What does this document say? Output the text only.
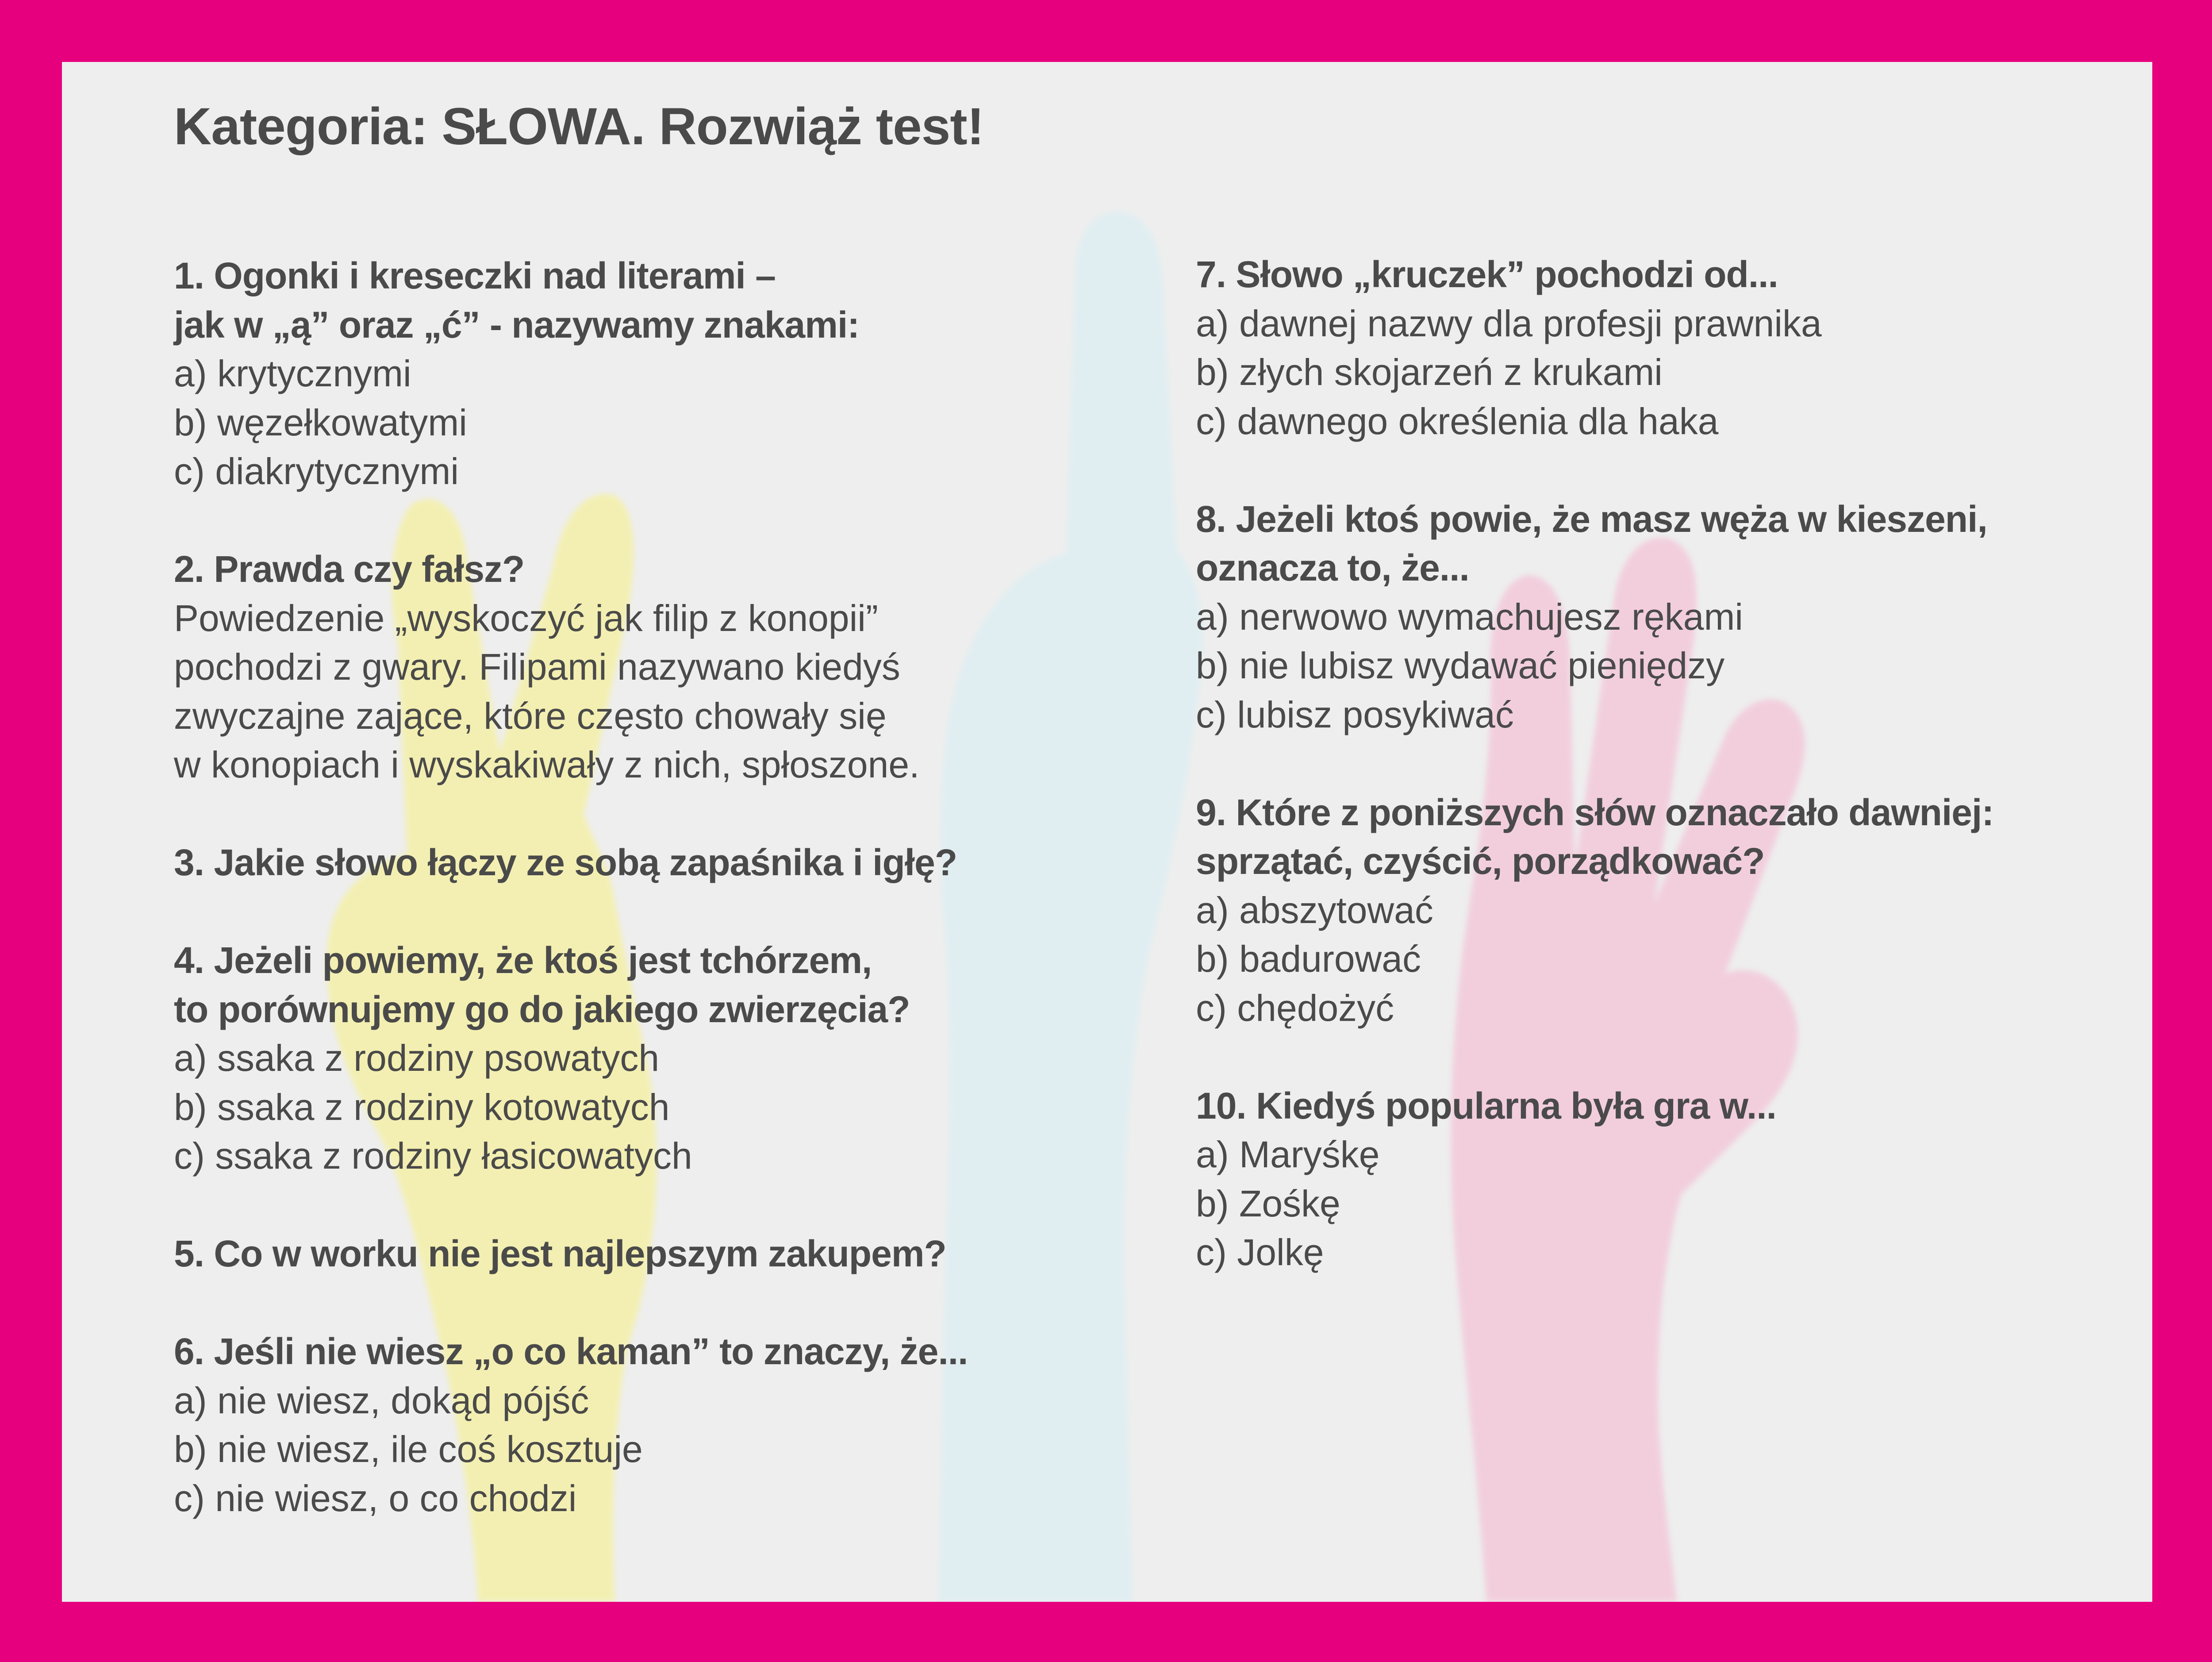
Kategoria: SŁOWA. Rozwiąż test!
1. Ogonki i kreseczki nad literami –
jak w „ą” oraz „ć” - nazywamy znakami:
a) krytycznymi
b) węzełkowatymi
c) diakrytycznymi
2. Prawda czy fałsz?
Powiedzenie „wyskoczyć jak filip z konopii”
pochodzi z gwary. Filipami nazywano kiedyś
zwyczajne zające, które często chowały się
w konopiach i wyskakiwały z nich, spłoszone.
3. Jakie słowo łączy ze sobą zapaśnika i igłę?
4. Jeżeli powiemy, że ktoś jest tchórzem,
to porównujemy go do jakiego zwierzęcia?
a) ssaka z rodziny psowatych
b) ssaka z rodziny kotowatych
c) ssaka z rodziny łasicowatych
5. Co w worku nie jest najlepszym zakupem?
6. Jeśli nie wiesz „o co kaman” to znaczy, że...
a) nie wiesz, dokąd pójść
b) nie wiesz, ile coś kosztuje
c) nie wiesz, o co chodzi
7. Słowo „kruczek” pochodzi od...
a) dawnej nazwy dla profesji prawnika
b) złych skojarzeń z krukami
c) dawnego określenia dla haka
8. Jeżeli ktoś powie, że masz węża w kieszeni,
oznacza to, że...
a) nerwowo wymachujesz rękami
b) nie lubisz wydawać pieniędzy
c) lubisz posykiwać
9. Które z poniższych słów oznaczało dawniej:
sprzątać, czyścić, porządkować?
a) abszytować
b) badurować
c) chędożyć
10. Kiedyś popularna była gra w...
a) Maryśkę
b) Zośkę
c) Jolkę
